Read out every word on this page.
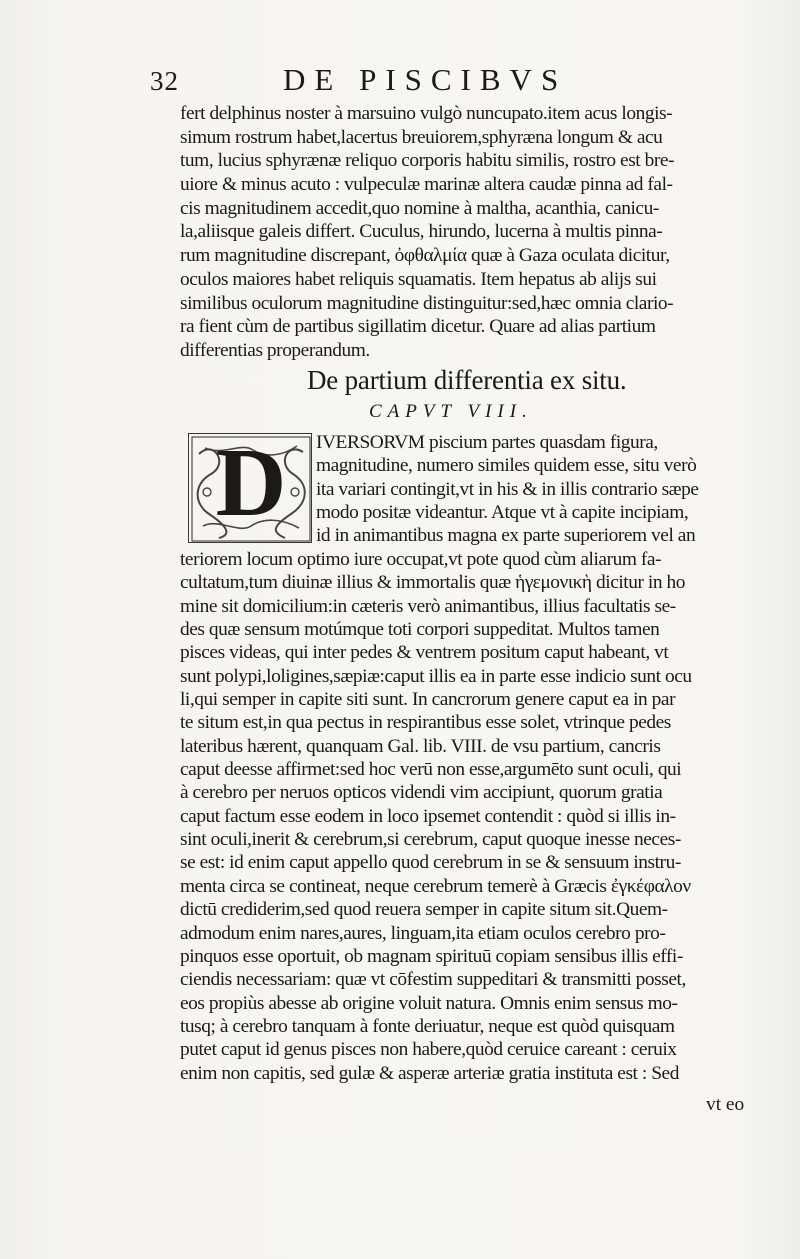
32	DE PISCIBVS
fert delphinus noster à marsuino vulgò nuncupato.item acus longis-
simum rostrum habet,lacertus breuiorem,sphyræna longum & acu
tum, lucius sphyrænæ reliquo corporis habitu similis, rostro est bre-
uiore & minus acuto : vulpeculæ marinæ altera caudæ pinna ad fal-
cis magnitudinem accedit,quo nomine à maltha, acanthia, canicu-
la,aliisque galeis differt. Cuculus, hirundo, lucerna à multis pinna-
rum magnitudine discrepant, ὀφθαλμία quæ à Gaza oculata dicitur,
oculos maiores habet reliquis squamatis. Item hepatus ab alijs sui
similibus oculorum magnitudine distinguitur:sed,hæc omnia clario-
ra fient cùm de partibus sigillatim dicetur. Quare ad alias partium
differentias properandum.
De partium differentia ex situ.
CAPVT VIII.
D	IVERSORVM piscium partes quasdam figura,
magnitudine, numero similes quidem esse, situ verò
ita variari contingit,vt in his & in illis contrario sæpe
modo positæ videantur. Atque vt à capite incipiam,
id in animantibus magna ex parte superiorem vel an
teriorem locum optimo iure occupat,vt pote quod cùm aliarum fa-
cultatum,tum diuinæ illius & immortalis quæ ἡγεμονικὴ dicitur in ho
mine sit domicilium:in cæteris verò animantibus, illius facultatis se-
des quæ sensum motúmque toti corpori suppeditat. Multos tamen
pisces videas, qui inter pedes & ventrem positum caput habeant, vt
sunt polypi,loligines,sæpiæ:caput illis ea in parte esse indicio sunt ocu
li,qui semper in capite siti sunt. In cancrorum genere caput ea in par
te situm est,in qua pectus in respirantibus esse solet, vtrinque pedes
lateribus hærent, quanquam Gal. lib. VIII. de vsu partium, cancris
caput deesse affirmet:sed hoc verū non esse,argumēto sunt oculi, qui
à cerebro per neruos opticos videndi vim accipiunt, quorum gratia
caput factum esse eodem in loco ipsemet contendit : quòd si illis in-
sint oculi,inerit & cerebrum,si cerebrum, caput quoque inesse neces-
se est: id enim caput appello quod cerebrum in se & sensuum instru-
menta circa se contineat, neque cerebrum temerè à Græcis ἐγκέφαλον
dictū crediderim,sed quod reuera semper in capite situm sit.Quem-
admodum enim nares,aures, linguam,ita etiam oculos cerebro pro-
pinquos esse oportuit, ob magnam spirituū copiam sensibus illis effi-
ciendis necessariam: quæ vt cōfestim suppeditari & transmitti posset,
eos propiùs abesse ab origine voluit natura. Omnis enim sensus mo-
tusq; à cerebro tanquam à fonte deriuatur, neque est quòd quisquam
putet caput id genus pisces non habere,quòd ceruice careant : ceruix
enim non capitis, sed gulæ & asperæ arteriæ gratia instituta est : Sed
vt eo
